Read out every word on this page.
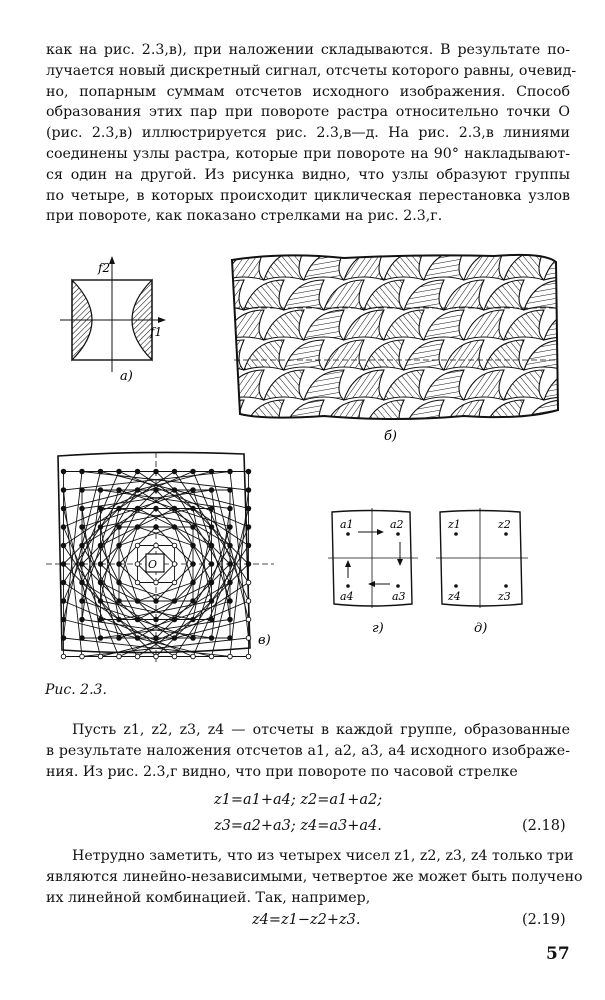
как на рис. 2.3,в), при наложении складываются. В результате по-
лучается новый дискретный сигнал, отсчеты которого равны, очевид-
но, попарным суммам отсчетов исходного изображения. Способ
образования этих пар при повороте растра относительно точки O
(рис. 2.3,в) иллюстрируется рис. 2.3,в—д. На рис. 2.3,в линиями
соединены узлы растра, которые при повороте на 90° накладывают-
ся один на другой. Из рисунка видно, что узлы образуют группы
по четыре, в которых происходит циклическая перестановка узлов
при повороте, как показано стрелками на рис. 2.3,г.
f2
f1
а)
б)
O
в)
a1	a2
a3
a4
г)
z1	z2
z4	z3
д)
Рис. 2.3.
Пусть z1, z2, z3, z4 — отсчеты в каждой группе, образованные
в результате наложения отсчетов a1, a2, a3, a4 исходного изображе-
ния. Из рис. 2.3,г видно, что при повороте по часовой стрелке
z1=a1+a4; z2=a1+a2;
z3=a2+a3; z4=a3+a4.	(2.18)
Нетрудно заметить, что из четырех чисел z1, z2, z3, z4 только три
являются линейно-независимыми, четвертое же может быть получено
их линейной комбинацией. Так, например,
z4=z1−z2+z3.	(2.19)
57
